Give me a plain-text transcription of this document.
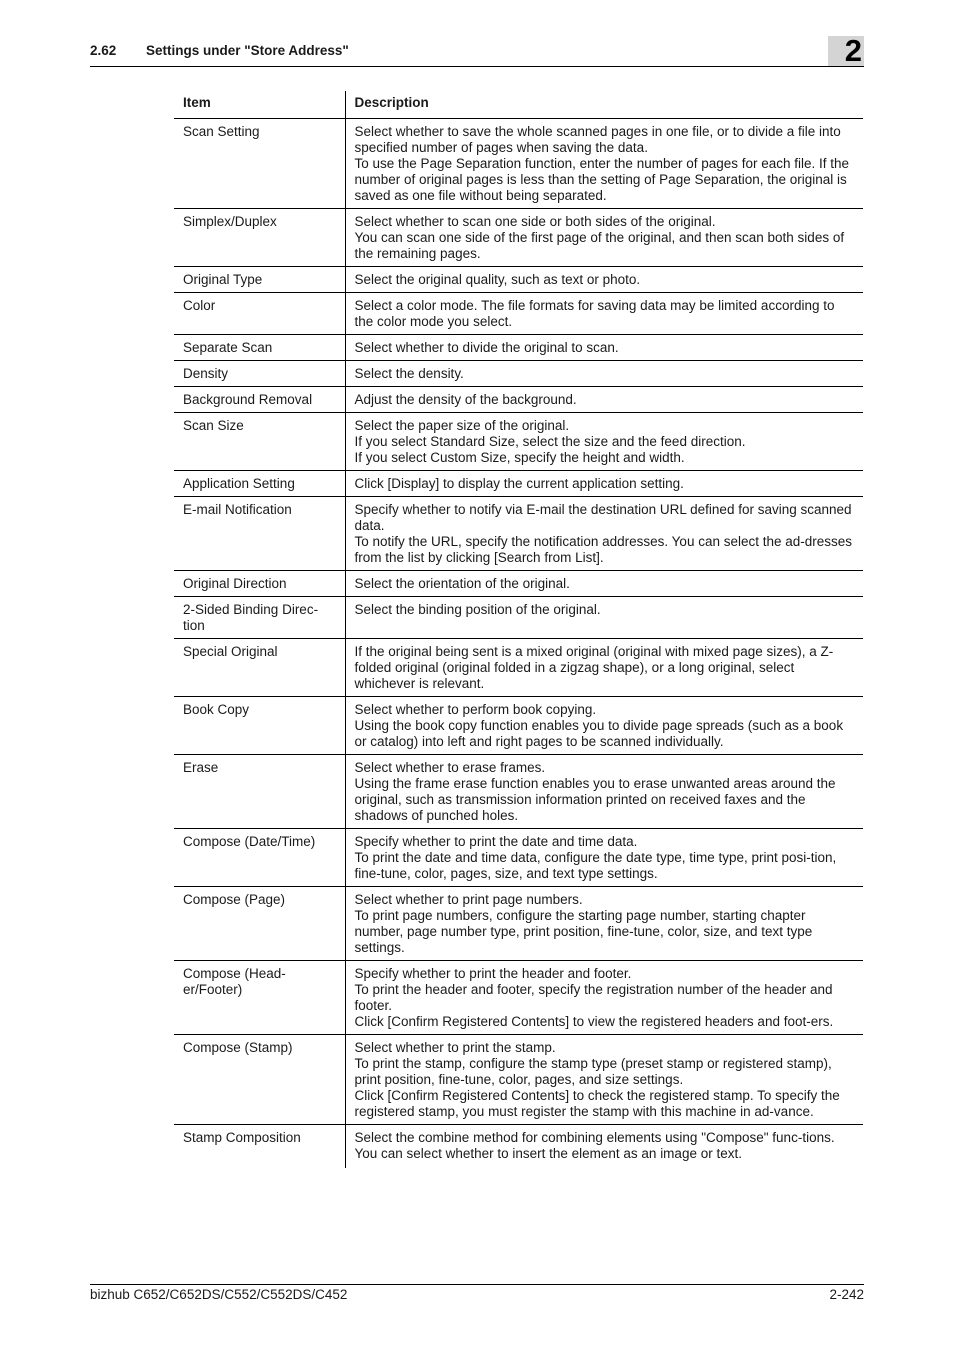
2.62 Settings under "Store Address"	2
Item	Description

Scan Setting	Select whether to save the whole scanned pages in one file, or to divide a file into specified number of pages when saving the data.
To use the Page Separation function, enter the number of pages for each file. If the number of original pages is less than the setting of Page Separation, the original is saved as one file without being separated.

Simplex/Duplex	Select whether to scan one side or both sides of the original.
You can scan one side of the first page of the original, and then scan both sides of the remaining pages.

Original Type	Select the original quality, such as text or photo.

Color	Select a color mode. The file formats for saving data may be limited according to the color mode you select.

Separate Scan	Select whether to divide the original to scan.

Density	Select the density.

Background Removal	Adjust the density of the background.

Scan Size	Select the paper size of the original.
If you select Standard Size, select the size and the feed direction.
If you select Custom Size, specify the height and width.

Application Setting	Click [Display] to display the current application setting.

E-mail Notification	Specify whether to notify via E-mail the destination URL defined for saving scanned data.
To notify the URL, specify the notification addresses. You can select the ad-dresses from the list by clicking [Search from List].

Original Direction	Select the orientation of the original.

2-Sided Binding Direc-
tion	Select the binding position of the original.

Special Original	If the original being sent is a mixed original (original with mixed page sizes), a Z-folded original (original folded in a zigzag shape), or a long original, select whichever is relevant.

Book Copy	Select whether to perform book copying.
Using the book copy function enables you to divide page spreads (such as a book or catalog) into left and right pages to be scanned individually.

Erase	Select whether to erase frames.
Using the frame erase function enables you to erase unwanted areas around the original, such as transmission information printed on received faxes and the shadows of punched holes.

Compose (Date/Time)	Specify whether to print the date and time data.
To print the date and time data, configure the date type, time type, print posi-tion, fine-tune, color, pages, size, and text type settings.

Compose (Page)	Select whether to print page numbers.
To print page numbers, configure the starting page number, starting chapter number, page number type, print position, fine-tune, color, size, and text type settings.

Compose (Head-
er/Footer)	Specify whether to print the header and footer.
To print the header and footer, specify the registration number of the header and footer.
Click [Confirm Registered Contents] to view the registered headers and foot-ers.

Compose (Stamp)	Select whether to print the stamp.
To print the stamp, configure the stamp type (preset stamp or registered stamp), print position, fine-tune, color, pages, and size settings.
Click [Confirm Registered Contents] to check the registered stamp. To specify the registered stamp, you must register the stamp with this machine in ad-vance.

Stamp Composition	Select the combine method for combining elements using "Compose" func-tions.
You can select whether to insert the element as an image or text.
bizhub C652/C652DS/C552/C552DS/C452	2-242
